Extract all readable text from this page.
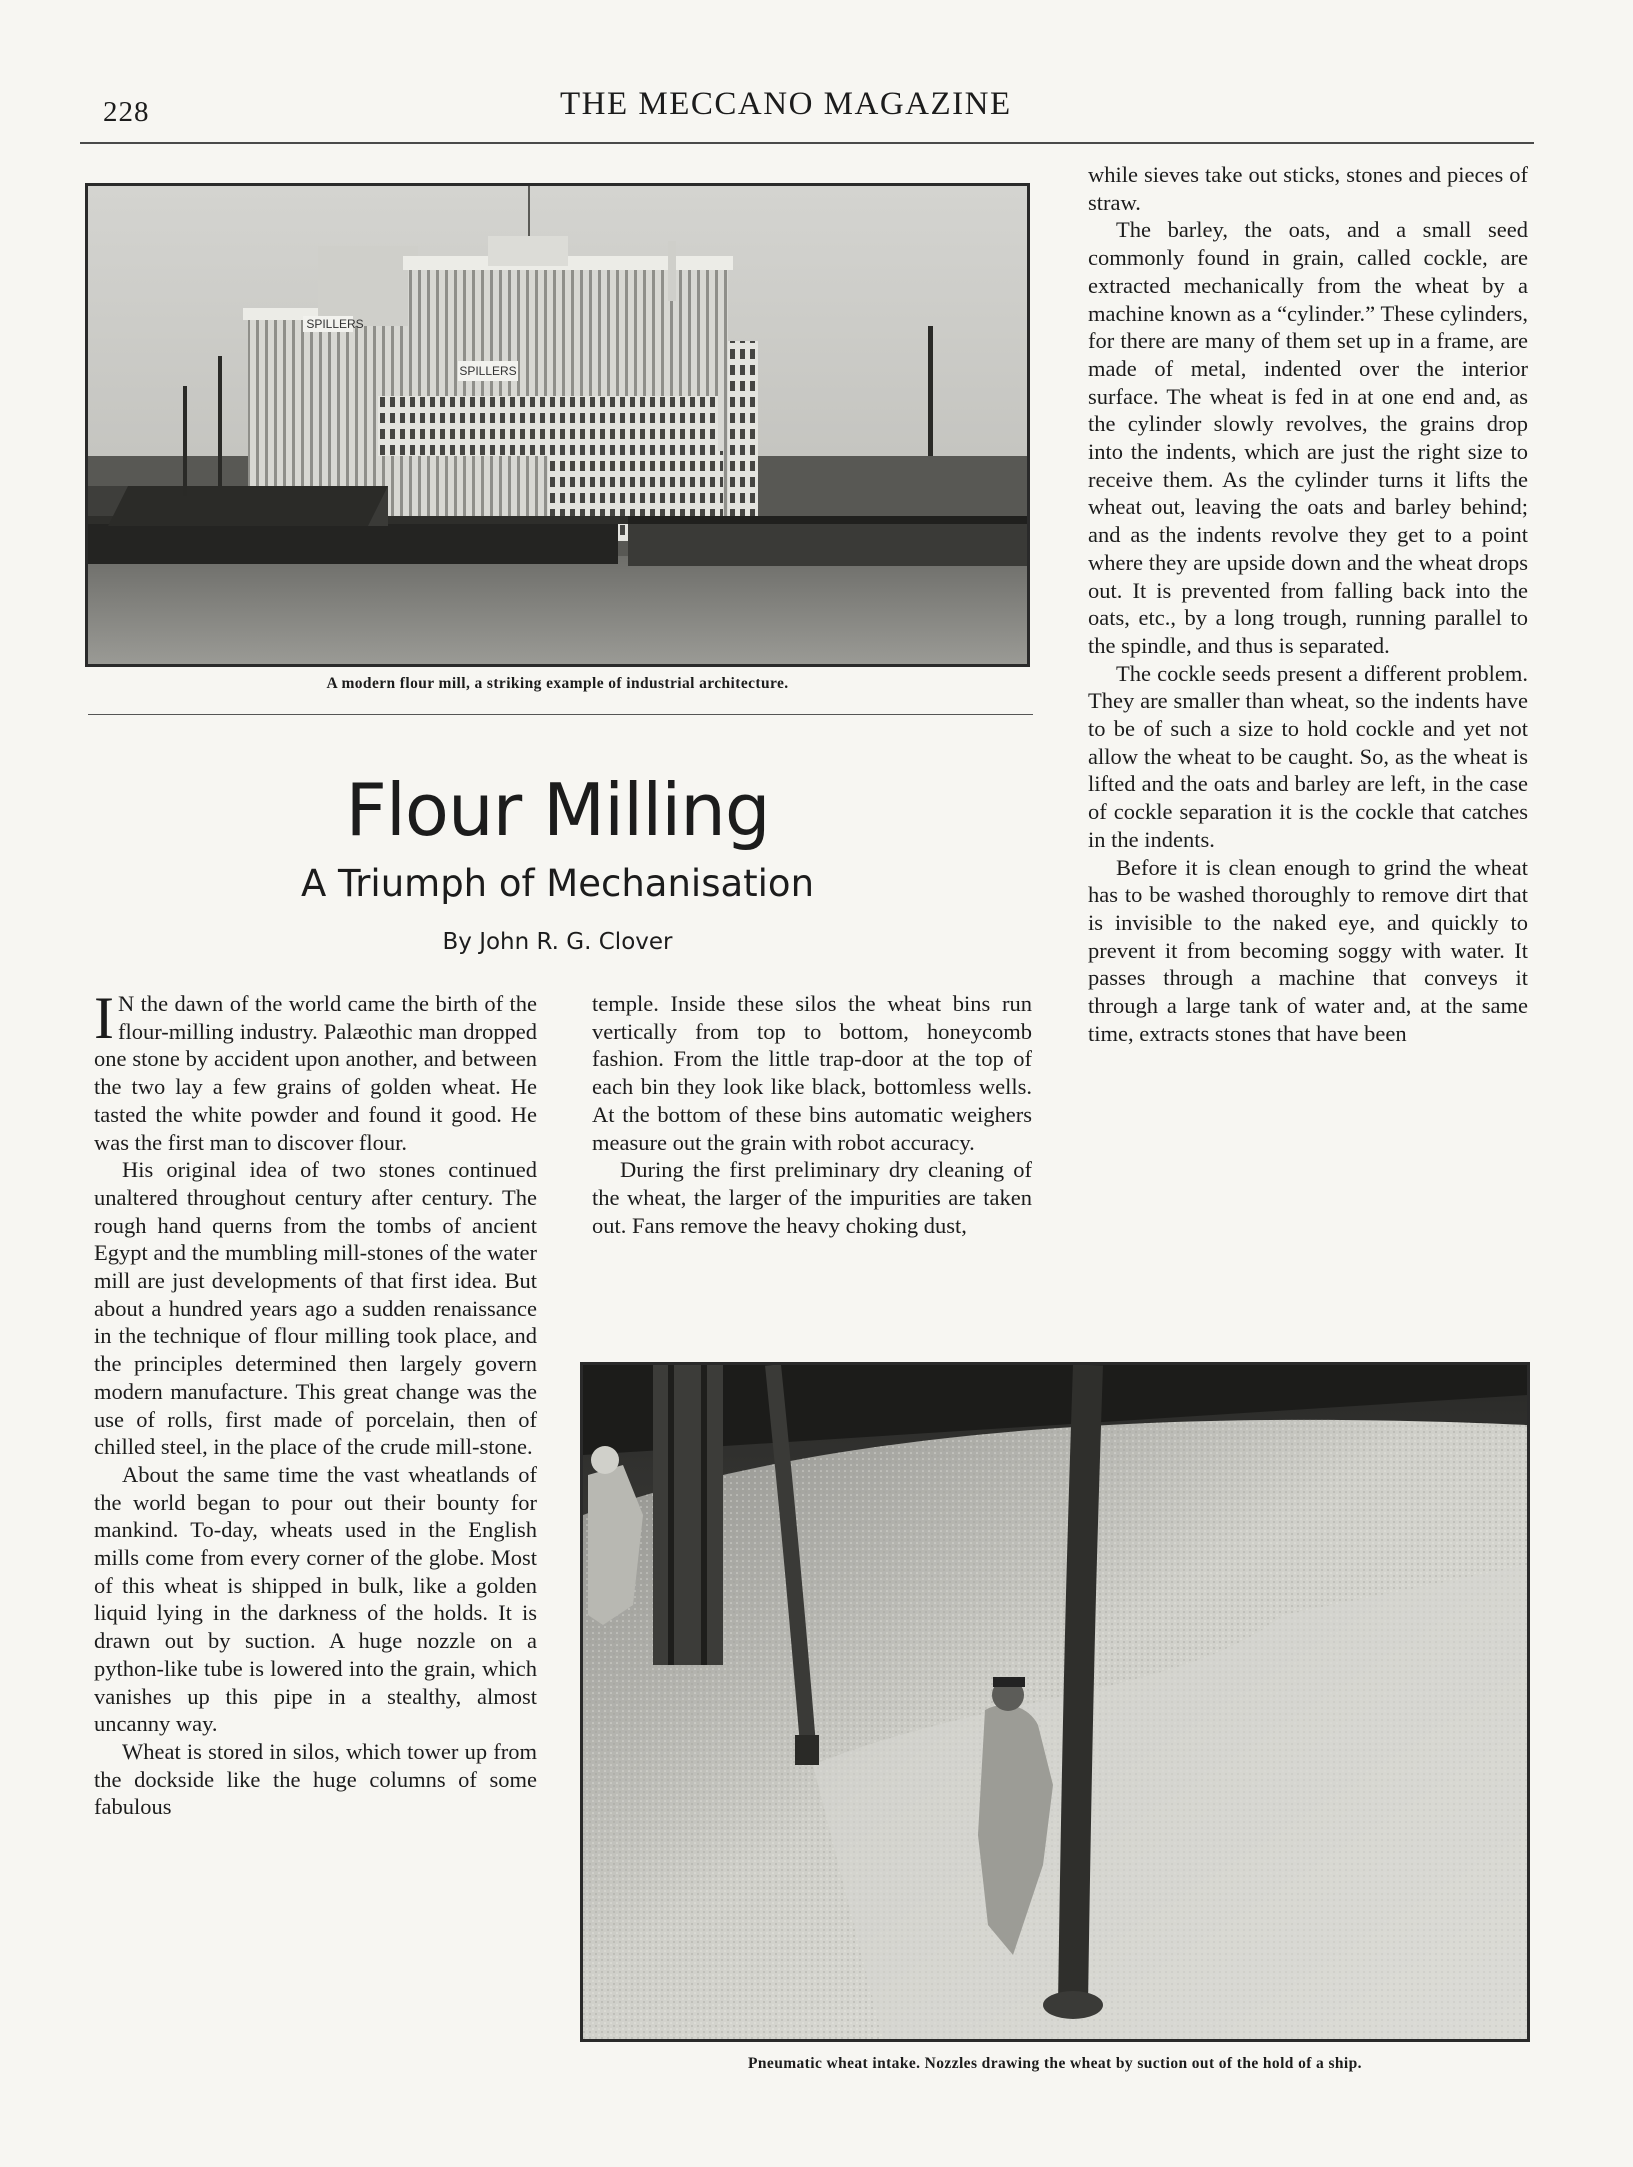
228	THE MECCANO MAGAZINE
SPILLERS
SPILLERS
A modern flour mill, a striking example of industrial architecture.
Flour Milling
A Triumph of Mechanisation
By John R. G. Clover

I N the dawn of the world came the birth of the flour-milling industry. Palæothic man dropped one stone by accident upon another, and between the two lay a few grains of golden wheat. He tasted the white powder and found it good. He was the first man to discover flour.

His original idea of two stones continued unaltered throughout century after century. The rough hand querns from the tombs of ancient Egypt and the mumbling mill-stones of the water mill are just developments of that first idea. But about a hundred years ago a sudden renaissance in the technique of flour milling took place, and the principles determined then largely govern modern manufacture. This great change was the use of rolls, first made of porcelain, then of chilled steel, in the place of the crude mill-stone.

About the same time the vast wheatlands of the world began to pour out their bounty for mankind. To-day, wheats used in the English mills come from every corner of the globe. Most of this wheat is shipped in bulk, like a golden liquid lying in the darkness of the holds. It is drawn out by suction. A huge nozzle on a python-like tube is lowered into the grain, which vanishes up this pipe in a stealthy, almost uncanny way.

Wheat is stored in silos, which tower up from the dockside like the huge columns of some fabulous

temple. Inside these silos the wheat bins run vertically from top to bottom, honeycomb fashion. From the little trap-door at the top of each bin they look like black, bottomless wells. At the bottom of these bins automatic weighers measure out the grain with robot accuracy.

During the first preliminary dry cleaning of the wheat, the larger of the impurities are taken out. Fans remove the heavy choking dust,

while sieves take out sticks, stones and pieces of straw.

The barley, the oats, and a small seed commonly found in grain, called cockle, are extracted mechanically from the wheat by a machine known as a “cylinder.” These cylinders, for there are many of them set up in a frame, are made of metal, indented over the interior surface. The wheat is fed in at one end and, as the cylinder slowly revolves, the grains drop into the indents, which are just the right size to receive them. As the cylinder turns it lifts the wheat out, leaving the oats and barley behind; and as the indents revolve they get to a point where they are upside down and the wheat drops out. It is prevented from falling back into the oats, etc., by a long trough, running parallel to the spindle, and thus is separated.

The cockle seeds present a different problem. They are smaller than wheat, so the indents have to be of such a size to hold cockle and yet not allow the wheat to be caught. So, as the wheat is lifted and the oats and barley are left, in the case of cockle separation it is the cockle that catches in the indents.

Before it is clean enough to grind the wheat has to be washed thoroughly to remove dirt that is invisible to the naked eye, and quickly to prevent it from becoming soggy with water. It passes through a machine that conveys it through a large tank of water and, at the same time, extracts stones that have been

Pneumatic wheat intake. Nozzles drawing the wheat by suction out of the hold of a ship.
